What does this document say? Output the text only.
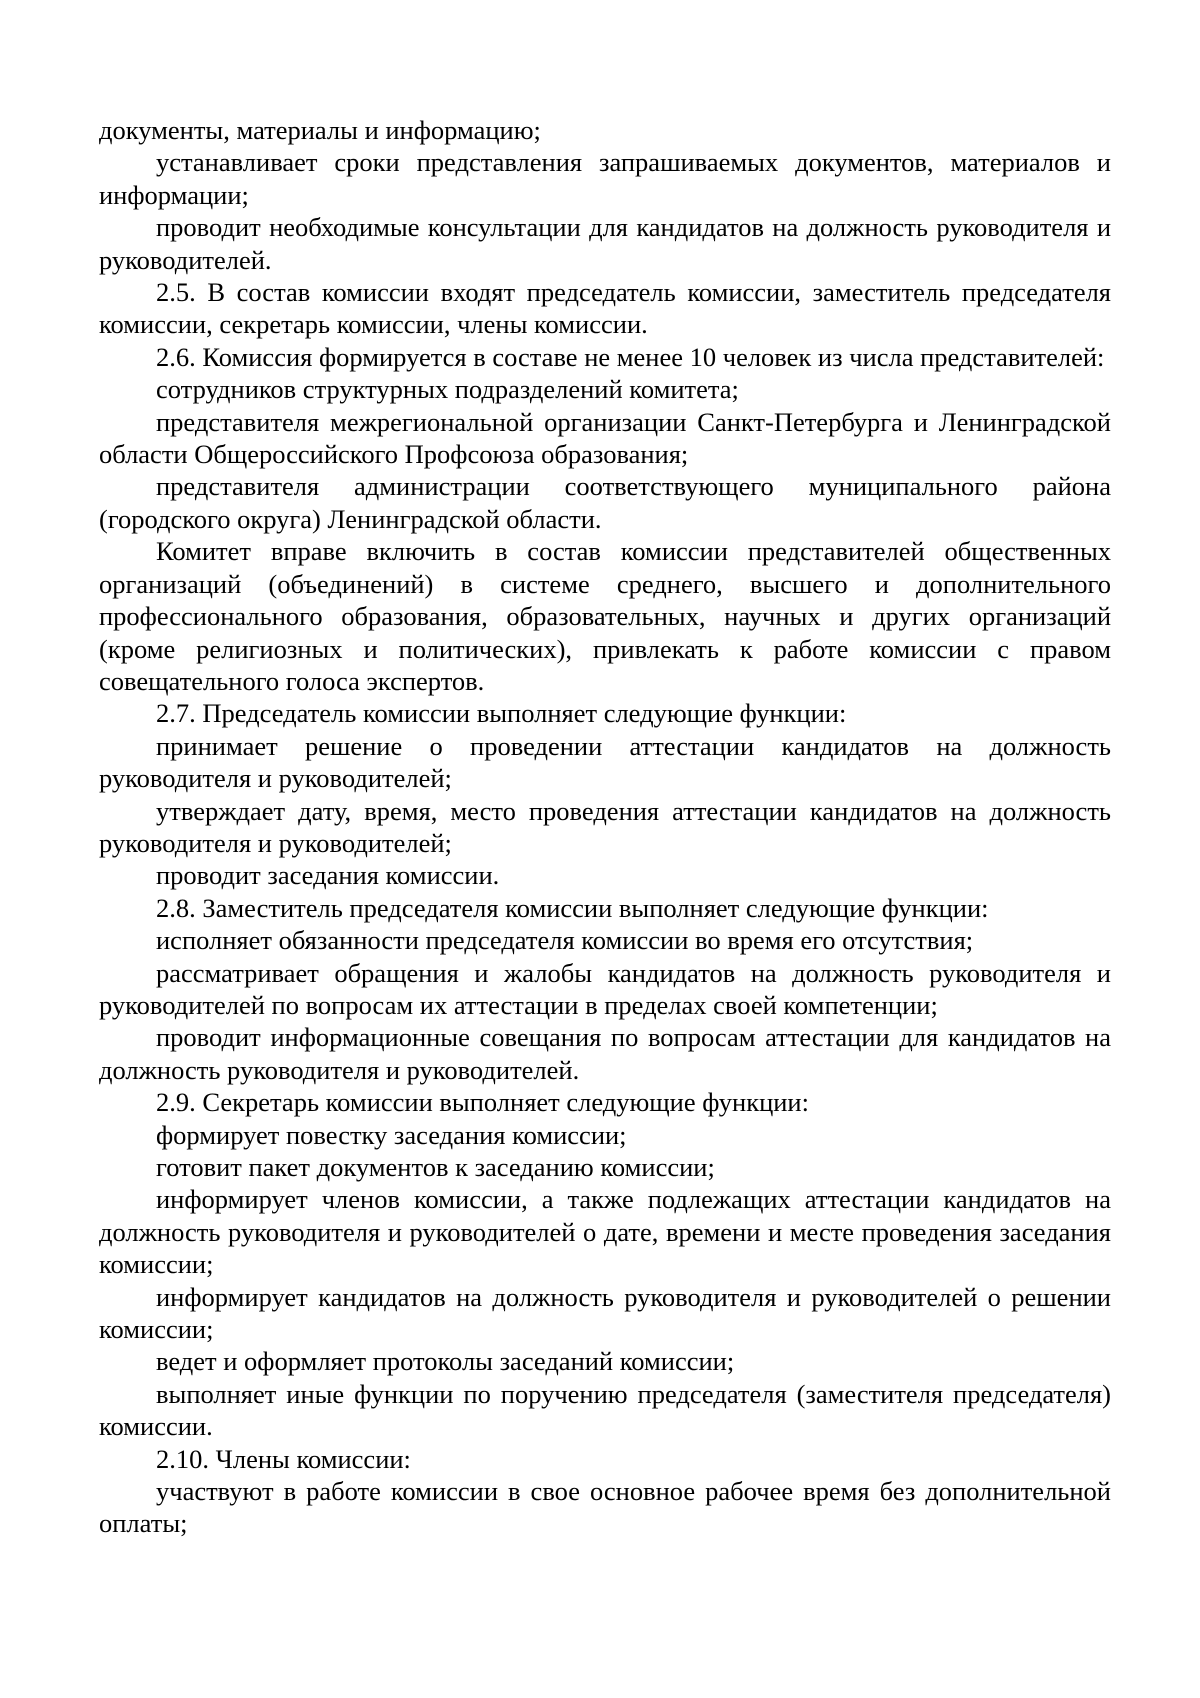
документы, материалы и информацию;

устанавливает сроки представления запрашиваемых документов, материалов и информации;

проводит необходимые консультации для кандидатов на должность руководителя и руководителей.

2.5. В состав комиссии входят председатель комиссии, заместитель председателя комиссии, секретарь комиссии, члены комиссии.

2.6. Комиссия формируется в составе не менее 10 человек из числа представителей:

сотрудников структурных подразделений комитета;

представителя межрегиональной организации Санкт-Петербурга и Ленинградской области Общероссийского Профсоюза образования;

представителя администрации соответствующего муниципального района (городского округа) Ленинградской области.

Комитет вправе включить в состав комиссии представителей общественных организаций (объединений) в системе среднего, высшего и дополнительного профессионального образования, образовательных, научных и других организаций (кроме религиозных и политических), привлекать к работе комиссии с правом совещательного голоса экспертов.

2.7. Председатель комиссии выполняет следующие функции:

принимает решение о проведении аттестации кандидатов на должность руководителя и руководителей;

утверждает дату, время, место проведения аттестации кандидатов на должность руководителя и руководителей;

проводит заседания комиссии.

2.8. Заместитель председателя комиссии выполняет следующие функции:

исполняет обязанности председателя комиссии во время его отсутствия;

рассматривает обращения и жалобы кандидатов на должность руководителя и руководителей по вопросам их аттестации в пределах своей компетенции;

проводит информационные совещания по вопросам аттестации для кандидатов на должность руководителя и руководителей.

2.9. Секретарь комиссии выполняет следующие функции:

формирует повестку заседания комиссии;

готовит пакет документов к заседанию комиссии;

информирует членов комиссии, а также подлежащих аттестации кандидатов на должность руководителя и руководителей о дате, времени и месте проведения заседания комиссии;

информирует кандидатов на должность руководителя и руководителей о решении комиссии;

ведет и оформляет протоколы заседаний комиссии;

выполняет иные функции по поручению председателя (заместителя председателя) комиссии.

2.10. Члены комиссии:

участвуют в работе комиссии в свое основное рабочее время без дополнительной оплаты;
